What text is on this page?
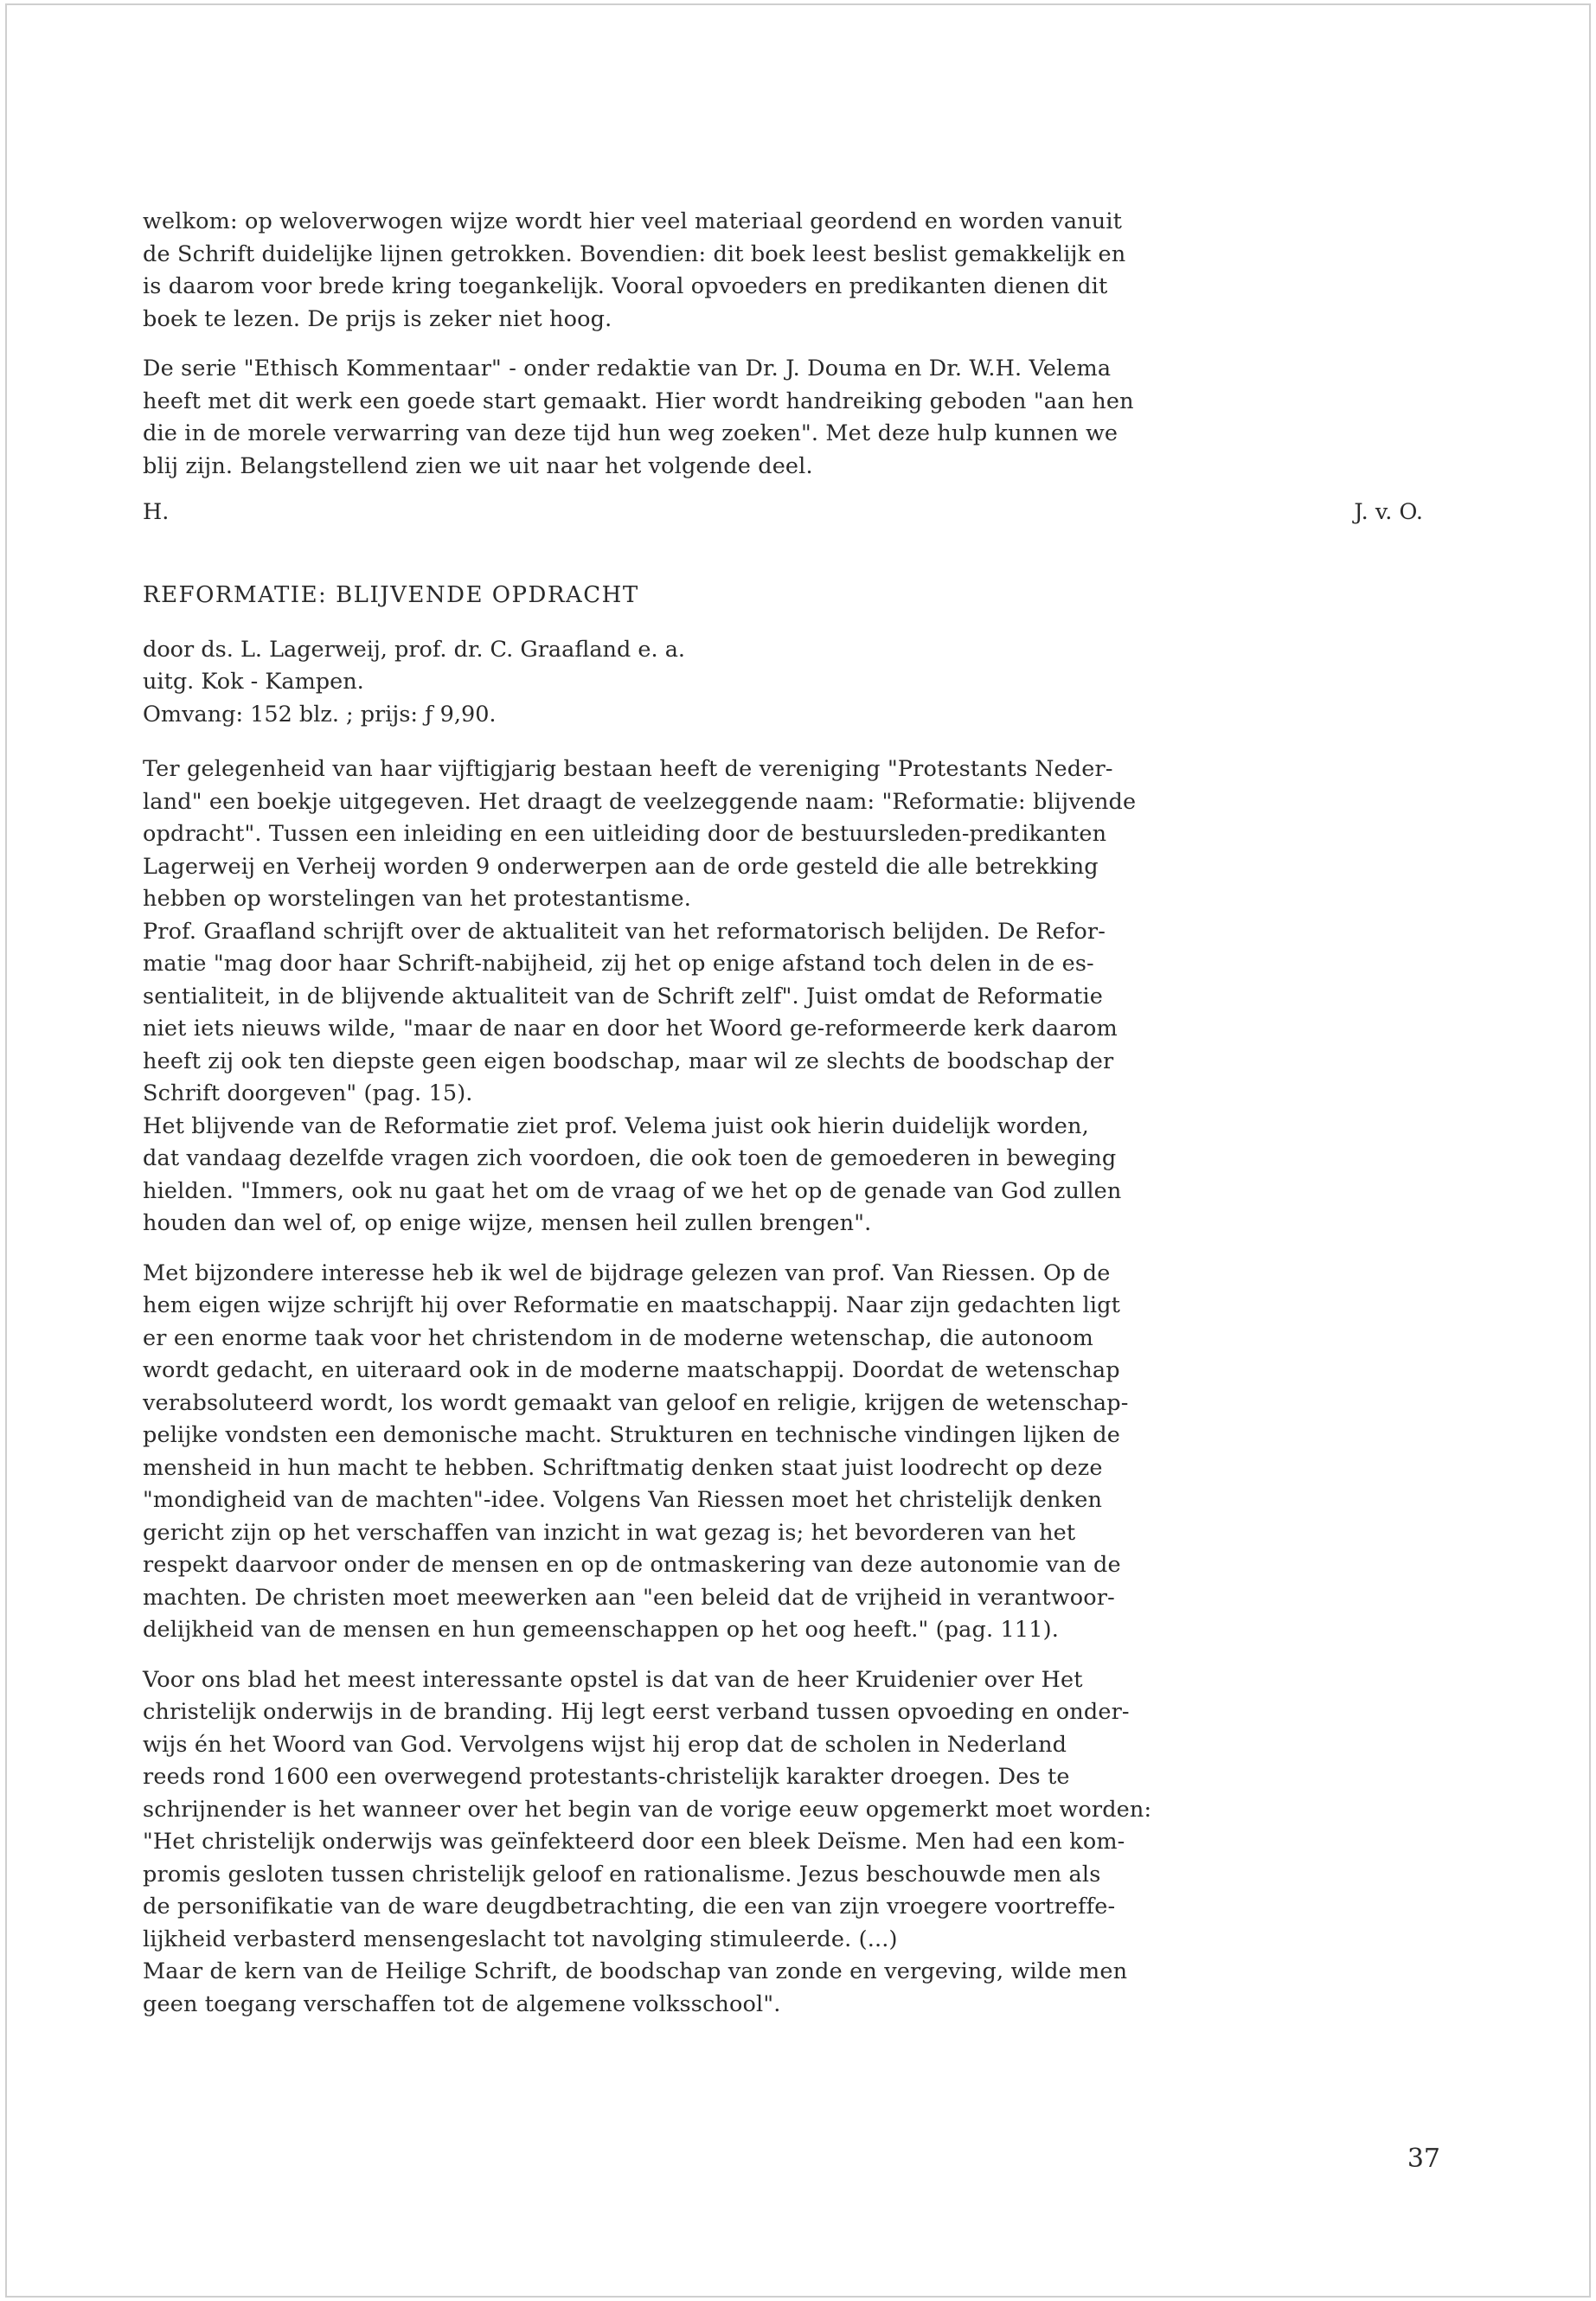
welkom: op weloverwogen wijze wordt hier veel materiaal geordend en worden vanuit
de Schrift duidelijke lijnen getrokken. Bovendien: dit boek leest beslist gemakkelijk en
is daarom voor brede kring toegankelijk. Vooral opvoeders en predikanten dienen dit
boek te lezen. De prijs is zeker niet hoog.

De serie "Ethisch Kommentaar" - onder redaktie van Dr. J. Douma en Dr. W.H. Velema
heeft met dit werk een goede start gemaakt. Hier wordt handreiking geboden "aan hen
die in de morele verwarring van deze tijd hun weg zoeken". Met deze hulp kunnen we
blij zijn. Belangstellend zien we uit naar het volgende deel.

H.	J. v. O.
REFORMATIE: BLIJVENDE OPDRACHT
door ds. L. Lagerweij, prof. dr. C. Graafland e. a.
uitg. Kok - Kampen.
Omvang: 152 blz. ; prijs: ƒ 9,90.

Ter gelegenheid van haar vijftigjarig bestaan heeft de vereniging "Protestants Neder-
land" een boekje uitgegeven. Het draagt de veelzeggende naam: "Reformatie: blijvende
opdracht". Tussen een inleiding en een uitleiding door de bestuursleden-predikanten
Lagerweij en Verheij worden 9 onderwerpen aan de orde gesteld die alle betrekking
hebben op worstelingen van het protestantisme.
Prof. Graafland schrijft over de aktualiteit van het reformatorisch belijden. De Refor-
matie "mag door haar Schrift-nabijheid, zij het op enige afstand toch delen in de es-
sentialiteit, in de blijvende aktualiteit van de Schrift zelf". Juist omdat de Reformatie
niet iets nieuws wilde, "maar de naar en door het Woord ge-reformeerde kerk daarom
heeft zij ook ten diepste geen eigen boodschap, maar wil ze slechts de boodschap der
Schrift doorgeven" (pag. 15).
Het blijvende van de Reformatie ziet prof. Velema juist ook hierin duidelijk worden,
dat vandaag dezelfde vragen zich voordoen, die ook toen de gemoederen in beweging
hielden. "Immers, ook nu gaat het om de vraag of we het op de genade van God zullen
houden dan wel of, op enige wijze, mensen heil zullen brengen".

Met bijzondere interesse heb ik wel de bijdrage gelezen van prof. Van Riessen. Op de
hem eigen wijze schrijft hij over Reformatie en maatschappij. Naar zijn gedachten ligt
er een enorme taak voor het christendom in de moderne wetenschap, die autonoom
wordt gedacht, en uiteraard ook in de moderne maatschappij. Doordat de wetenschap
verabsoluteerd wordt, los wordt gemaakt van geloof en religie, krijgen de wetenschap-
pelijke vondsten een demonische macht. Strukturen en technische vindingen lijken de
mensheid in hun macht te hebben. Schriftmatig denken staat juist loodrecht op deze
"mondigheid van de machten"-idee. Volgens Van Riessen moet het christelijk denken
gericht zijn op het verschaffen van inzicht in wat gezag is; het bevorderen van het
respekt daarvoor onder de mensen en op de ontmaskering van deze autonomie van de
machten. De christen moet meewerken aan "een beleid dat de vrijheid in verantwoor-
delijkheid van de mensen en hun gemeenschappen op het oog heeft." (pag. 111).

Voor ons blad het meest interessante opstel is dat van de heer Kruidenier over Het
christelijk onderwijs in de branding. Hij legt eerst verband tussen opvoeding en onder-
wijs én het Woord van God. Vervolgens wijst hij erop dat de scholen in Nederland
reeds rond 1600 een overwegend protestants-christelijk karakter droegen. Des te
schrijnender is het wanneer over het begin van de vorige eeuw opgemerkt moet worden:
"Het christelijk onderwijs was geïnfekteerd door een bleek Deïsme. Men had een kom-
promis gesloten tussen christelijk geloof en rationalisme. Jezus beschouwde men als
de personifikatie van de ware deugdbetrachting, die een van zijn vroegere voortreffe-
lijkheid verbasterd mensengeslacht tot navolging stimuleerde. (...)
Maar de kern van de Heilige Schrift, de boodschap van zonde en vergeving, wilde men
geen toegang verschaffen tot de algemene volksschool".

37
